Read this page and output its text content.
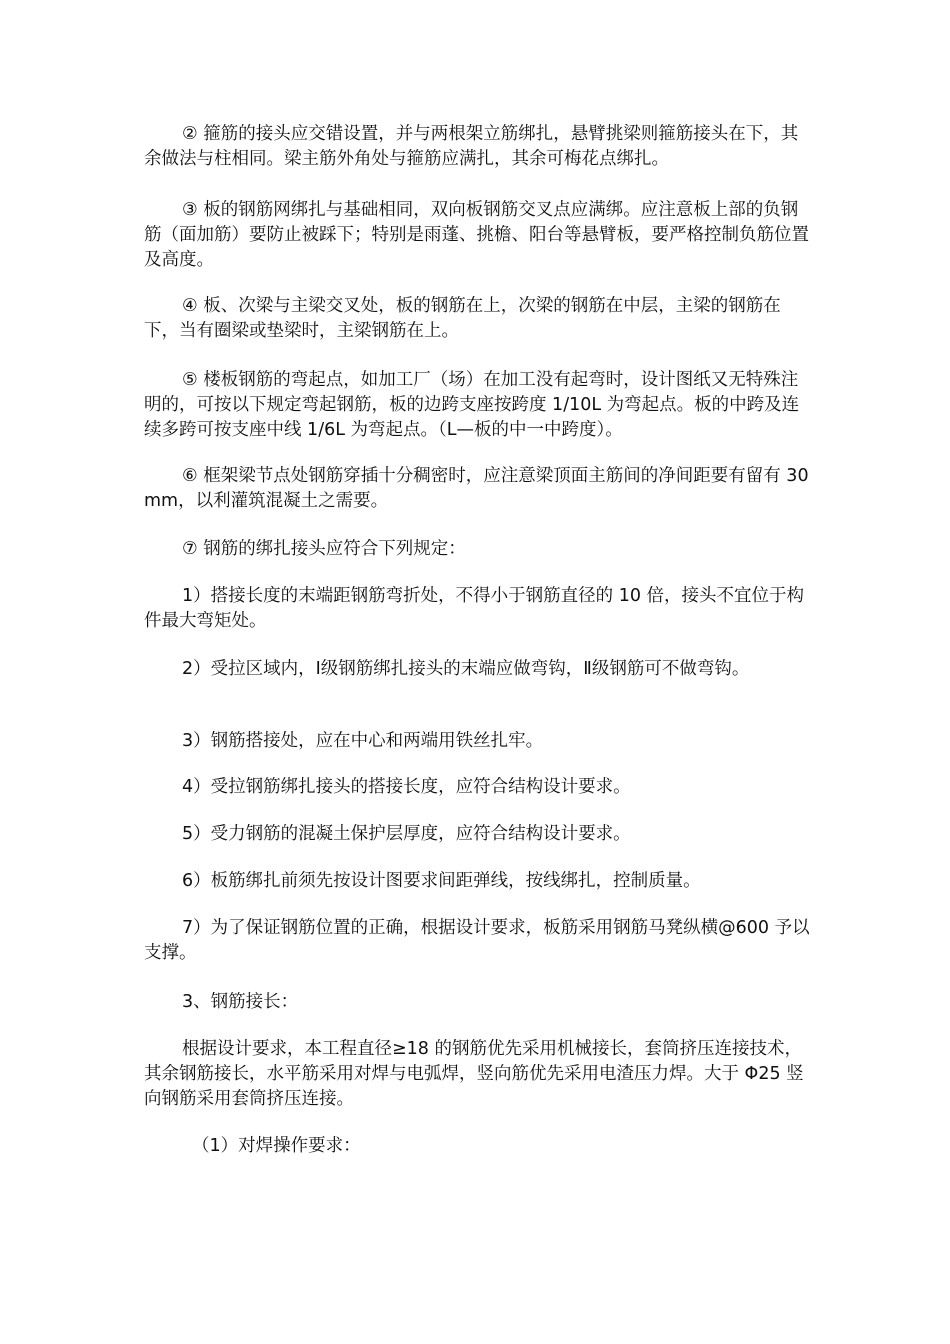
② 箍筋的接头应交错设置，并与两根架立筋绑扎，悬臂挑梁则箍筋接头在下，其余做法与柱相同。梁主筋外角处与箍筋应满扎，其余可梅花点绑扎。

③ 板的钢筋网绑扎与基础相同，双向板钢筋交叉点应满绑。应注意板上部的负钢筋（面加筋）要防止被踩下；特别是雨蓬、挑檐、阳台等悬臂板，要严格控制负筋位置及高度。

④ 板、次梁与主梁交叉处，板的钢筋在上，次梁的钢筋在中层，主梁的钢筋在下，当有圈梁或垫梁时，主梁钢筋在上。

⑤ 楼板钢筋的弯起点，如加工厂（场）在加工没有起弯时，设计图纸又无特殊注明的，可按以下规定弯起钢筋，板的边跨支座按跨度 1/10L 为弯起点。板的中跨及连续多跨可按支座中线 1/6L 为弯起点。（L—板的中一中跨度）。

⑥ 框架梁节点处钢筋穿插十分稠密时，应注意梁顶面主筋间的净间距要有留有 30mm，以利灌筑混凝土之需要。

⑦ 钢筋的绑扎接头应符合下列规定：

1）搭接长度的末端距钢筋弯折处，不得小于钢筋直径的 10 倍，接头不宜位于构件最大弯矩处。

2）受拉区域内，Ⅰ级钢筋绑扎接头的末端应做弯钩，Ⅱ级钢筋可不做弯钩。

3）钢筋搭接处，应在中心和两端用铁丝扎牢。

4）受拉钢筋绑扎接头的搭接长度，应符合结构设计要求。

5）受力钢筋的混凝土保护层厚度，应符合结构设计要求。

6）板筋绑扎前须先按设计图要求间距弹线，按线绑扎，控制质量。

7）为了保证钢筋位置的正确，根据设计要求，板筋采用钢筋马凳纵横@600 予以支撑。

3、钢筋接长：

根据设计要求，本工程直径≥18 的钢筋优先采用机械接长，套筒挤压连接技术，其余钢筋接长，水平筋采用对焊与电弧焊，竖向筋优先采用电渣压力焊。大于 Φ25 竖向钢筋采用套筒挤压连接。

（1）对焊操作要求：
